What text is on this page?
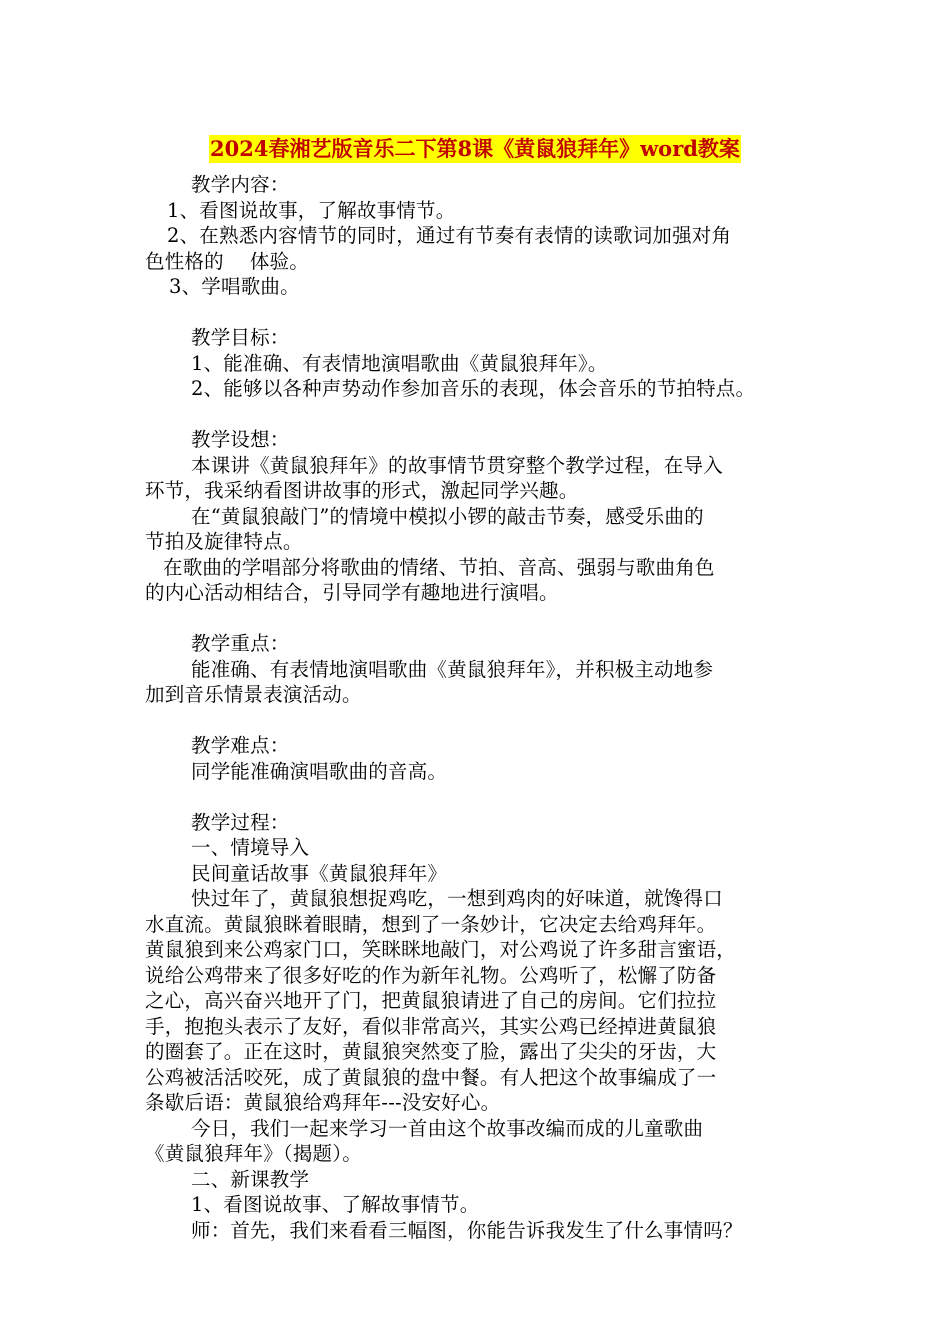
2024春湘艺版音乐二下第8课《黄鼠狼拜年》word教案
教学内容：
1、看图说故事，了解故事情节。
2、在熟悉内容情节的同时，通过有节奏有表情的读歌词加强对角
色性格的　 体验。
3、学唱歌曲。
教学目标：
1、能准确、有表情地演唱歌曲《黄鼠狼拜年》。
2、能够以各种声势动作参加音乐的表现，体会音乐的节拍特点。
教学设想：
本课讲《黄鼠狼拜年》的故事情节贯穿整个教学过程，在导入
环节，我采纳看图讲故事的形式，激起同学兴趣。
在“黄鼠狼敲门”的情境中模拟小锣的敲击节奏，感受乐曲的
节拍及旋律特点。
在歌曲的学唱部分将歌曲的情绪、节拍、音高、强弱与歌曲角色
的内心活动相结合，引导同学有趣地进行演唱。
教学重点：
能准确、有表情地演唱歌曲《黄鼠狼拜年》，并积极主动地参
加到音乐情景表演活动。
教学难点：
同学能准确演唱歌曲的音高。
教学过程：
一、情境导入
民间童话故事《黄鼠狼拜年》
快过年了，黄鼠狼想捉鸡吃，一想到鸡肉的好味道，就馋得口
水直流。黄鼠狼眯着眼睛，想到了一条妙计，它决定去给鸡拜年。
黄鼠狼到来公鸡家门口，笑眯眯地敲门，对公鸡说了许多甜言蜜语，
说给公鸡带来了很多好吃的作为新年礼物。公鸡听了，松懈了防备
之心，高兴奋兴地开了门，把黄鼠狼请进了自己的房间。它们拉拉
手，抱抱头表示了友好，看似非常高兴，其实公鸡已经掉进黄鼠狼
的圈套了。正在这时，黄鼠狼突然变了脸，露出了尖尖的牙齿，大
公鸡被活活咬死，成了黄鼠狼的盘中餐。有人把这个故事编成了一
条歇后语：黄鼠狼给鸡拜年---没安好心。
今日，我们一起来学习一首由这个故事改编而成的儿童歌曲
《黄鼠狼拜年》（揭题）。
二、新课教学
1、看图说故事、了解故事情节。
师：首先，我们来看看三幅图，你能告诉我发生了什么事情吗？
